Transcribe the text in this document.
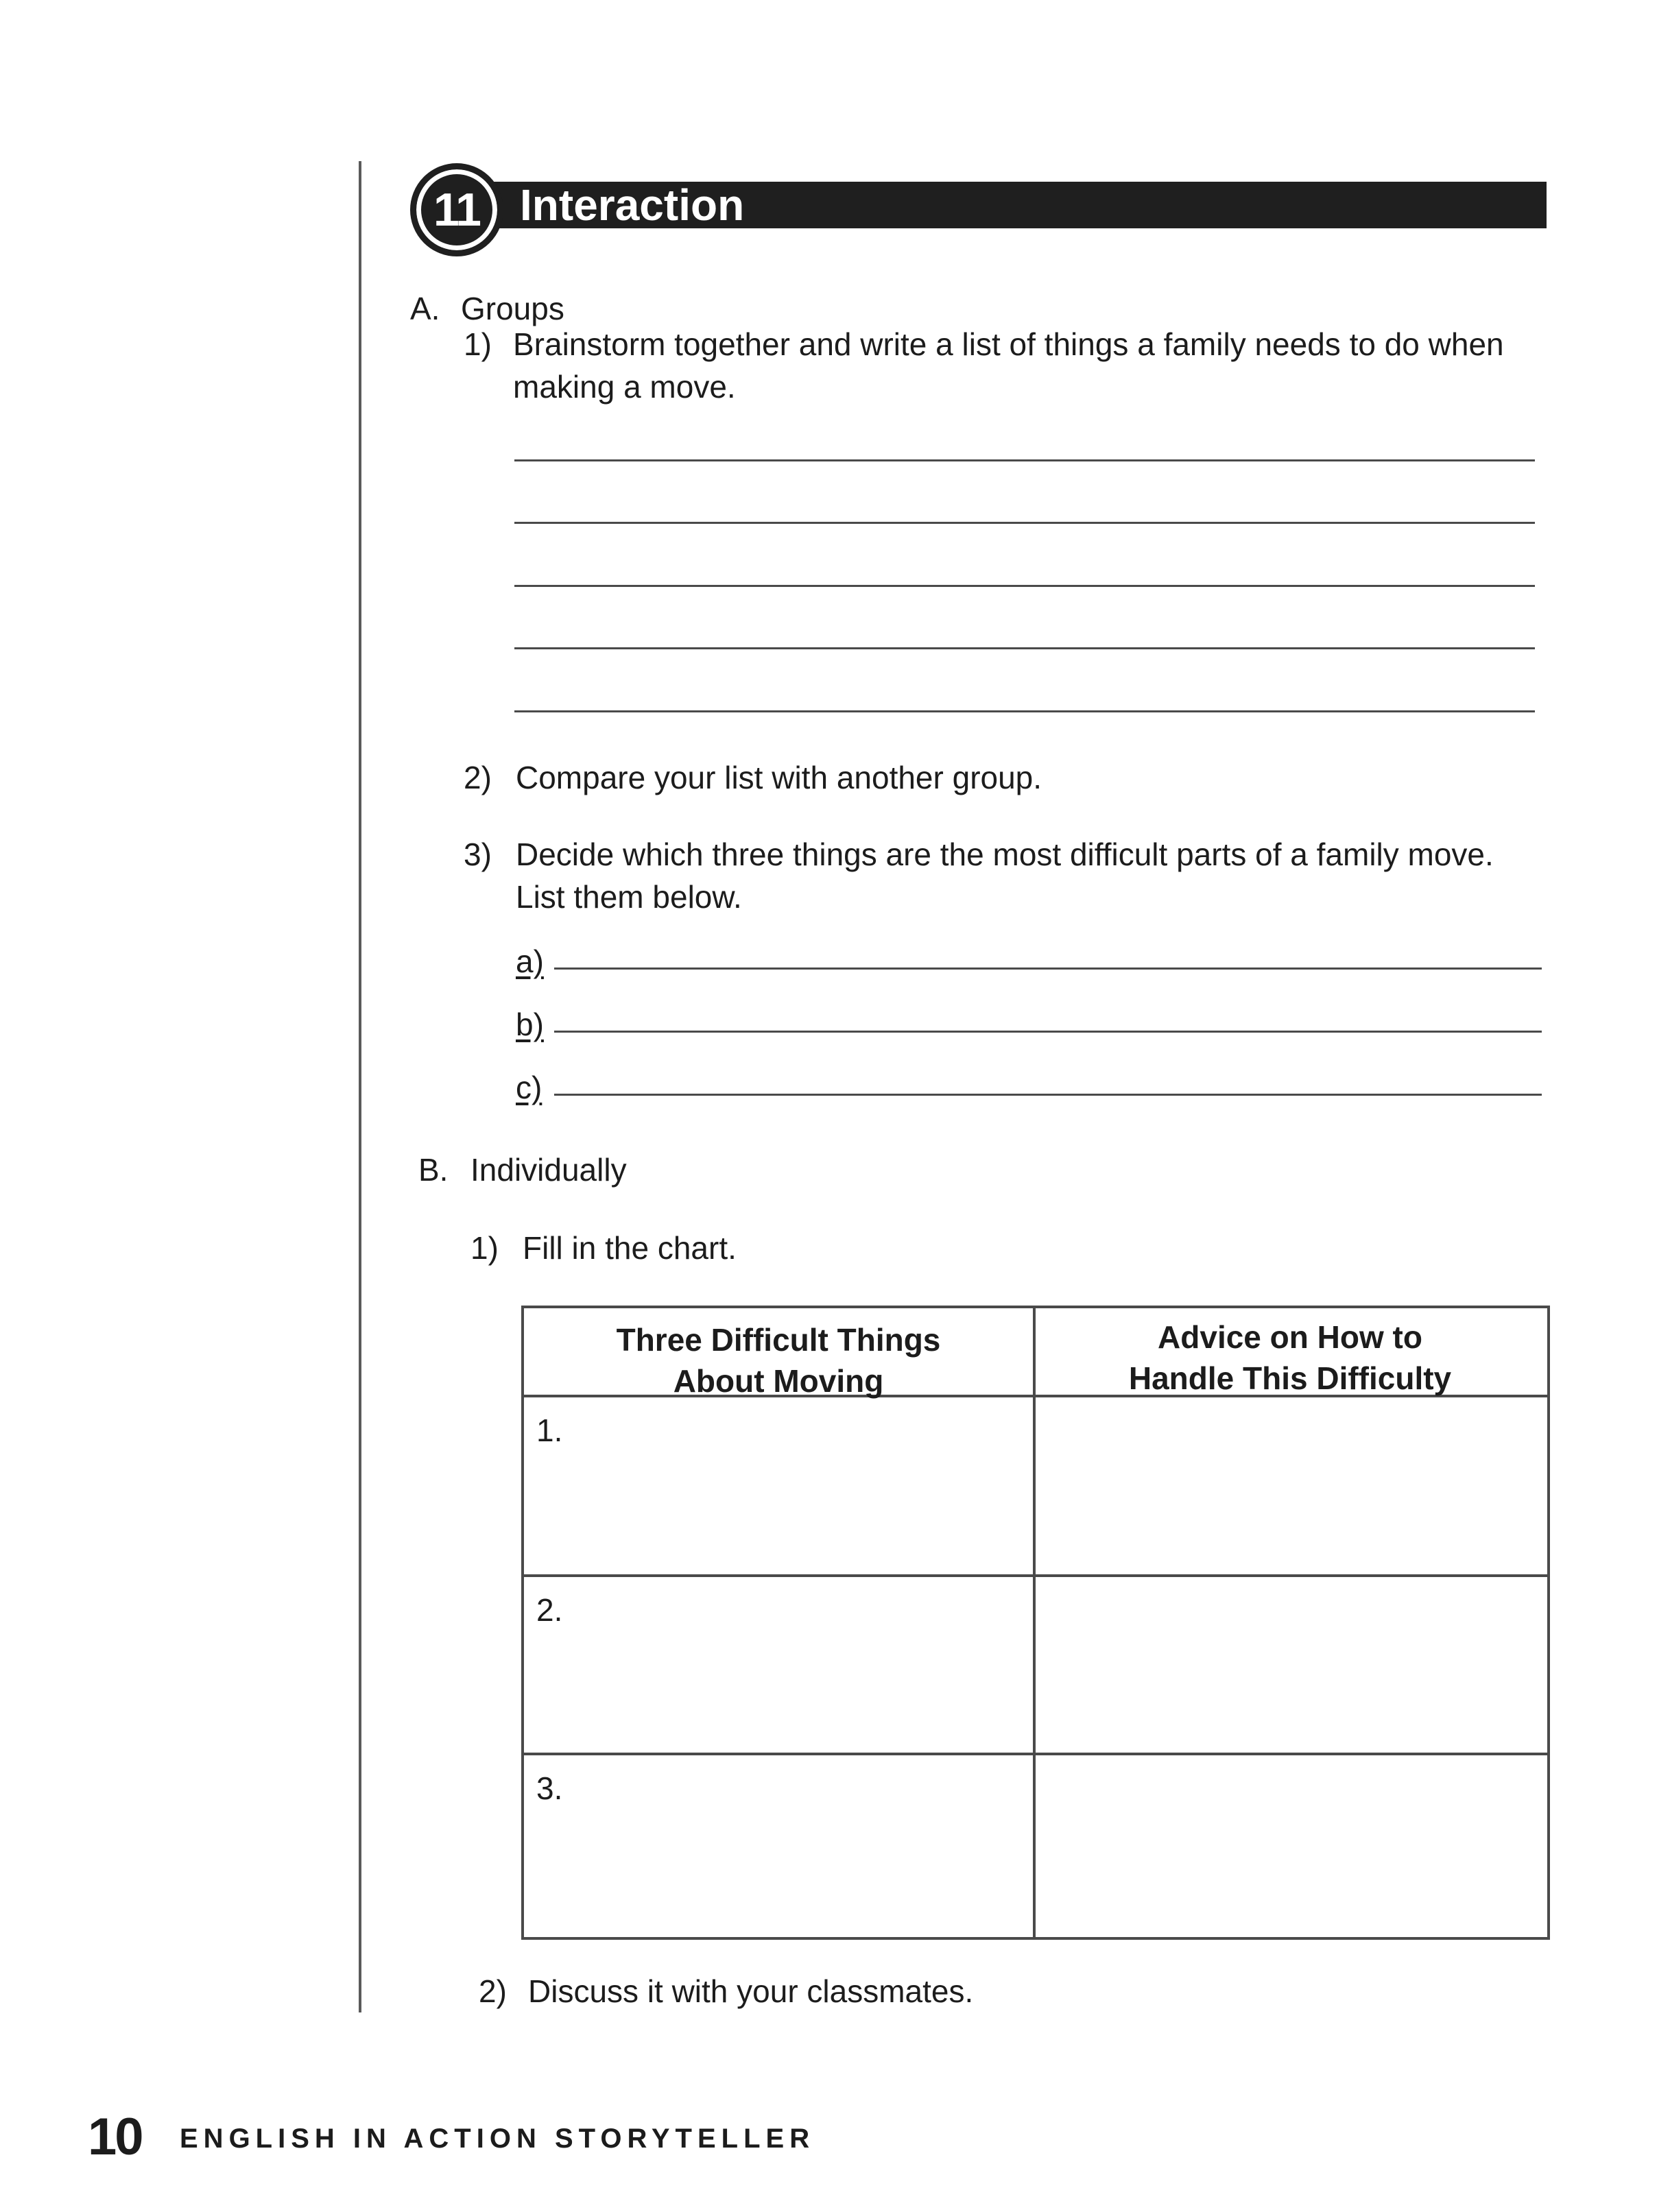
11 Interaction
A. Groups
1) Brainstorm together and write a list of things a family needs to do when
making a move.
2) Compare your list with another group.
3) Decide which three things are the most difficult parts of a family move.
List them below.
a)
b)
c)
B. Individually
1) Fill in the chart.
Three Difficult Things
About Moving
Advice on How to
Handle This Difficulty
1.
2.
3.
2) Discuss it with your classmates.
10 ENGLISH IN ACTION STORYTELLER
